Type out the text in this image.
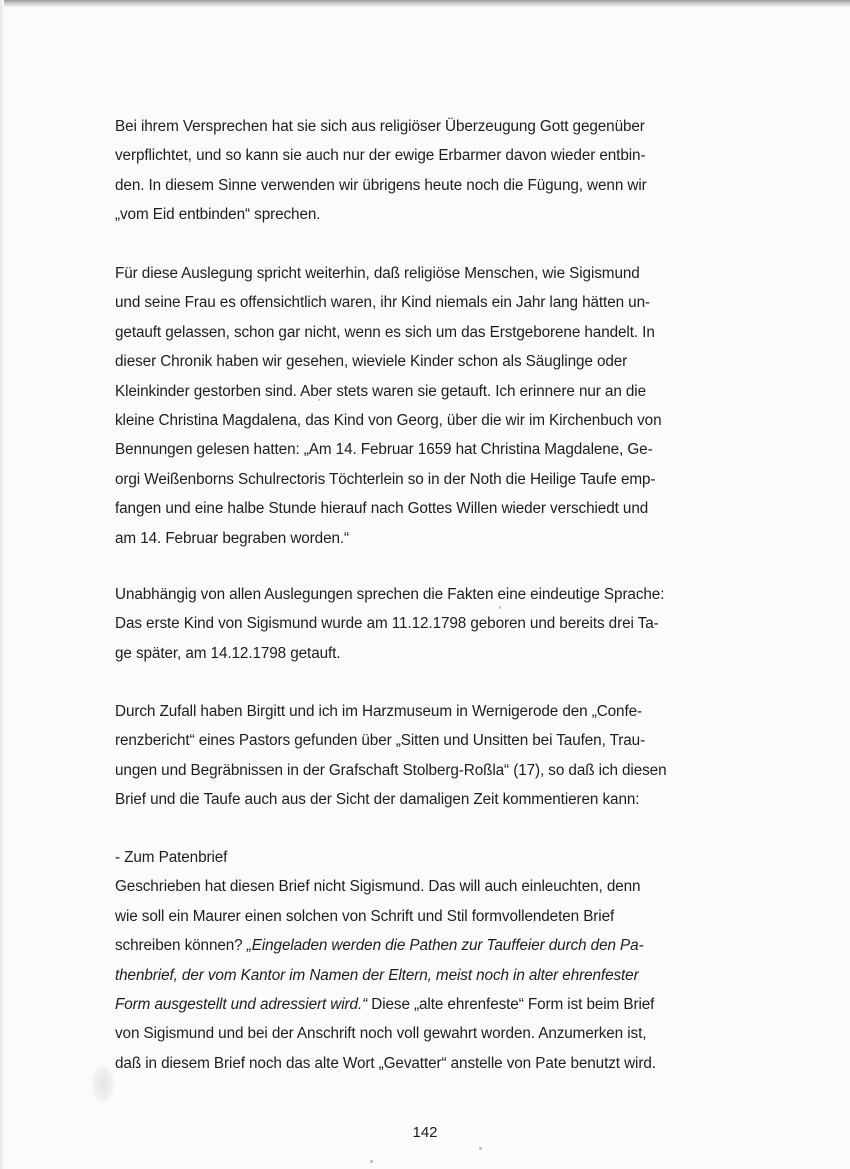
Bei ihrem Versprechen hat sie sich aus religiöser Überzeugung Gott gegenüber
verpflichtet, und so kann sie auch nur der ewige Erbarmer davon wieder entbin-
den. In diesem Sinne verwenden wir übrigens heute noch die Fügung, wenn wir
„vom Eid entbinden“ sprechen.
Für diese Auslegung spricht weiterhin, daß religiöse Menschen, wie Sigismund
und seine Frau es offensichtlich waren, ihr Kind niemals ein Jahr lang hätten un-
getauft gelassen, schon gar nicht, wenn es sich um das Erstgeborene handelt. In
dieser Chronik haben wir gesehen, wieviele Kinder schon als Säuglinge oder
Kleinkinder gestorben sind. Aber stets waren sie getauft. Ich erinnere nur an die
kleine Christina Magdalena, das Kind von Georg, über die wir im Kirchenbuch von
Bennungen gelesen hatten: „Am 14. Februar 1659 hat Christina Magdalene, Ge-
orgi Weißenborns Schulrectoris Töchterlein so in der Noth die Heilige Taufe emp-
fangen und eine halbe Stunde hierauf nach Gottes Willen wieder verschiedt und
am 14. Februar begraben worden.“
Unabhängig von allen Auslegungen sprechen die Fakten eine eindeutige Sprache:
Das erste Kind von Sigismund wurde am 11.12.1798 geboren und bereits drei Ta-
ge später, am 14.12.1798 getauft.
Durch Zufall haben Birgitt und ich im Harzmuseum in Wernigerode den „Confe-
renzbericht“ eines Pastors gefunden über „Sitten und Unsitten bei Taufen, Trau-
ungen und Begräbnissen in der Grafschaft Stolberg-Roßla“ (17), so daß ich diesen
Brief und die Taufe auch aus der Sicht der damaligen Zeit kommentieren kann:
- Zum Patenbrief
Geschrieben hat diesen Brief nicht Sigismund. Das will auch einleuchten, denn
wie soll ein Maurer einen solchen von Schrift und Stil formvollendeten Brief
schreiben können? „Eingeladen werden die Pathen zur Tauffeier durch den Pa-
thenbrief, der vom Kantor im Namen der Eltern, meist noch in alter ehrenfester
Form ausgestellt und adressiert wird.“ Diese „alte ehrenfeste“ Form ist beim Brief
von Sigismund und bei der Anschrift noch voll gewahrt worden. Anzumerken ist,
daß in diesem Brief noch das alte Wort „Gevatter“ anstelle von Pate benutzt wird.
142
